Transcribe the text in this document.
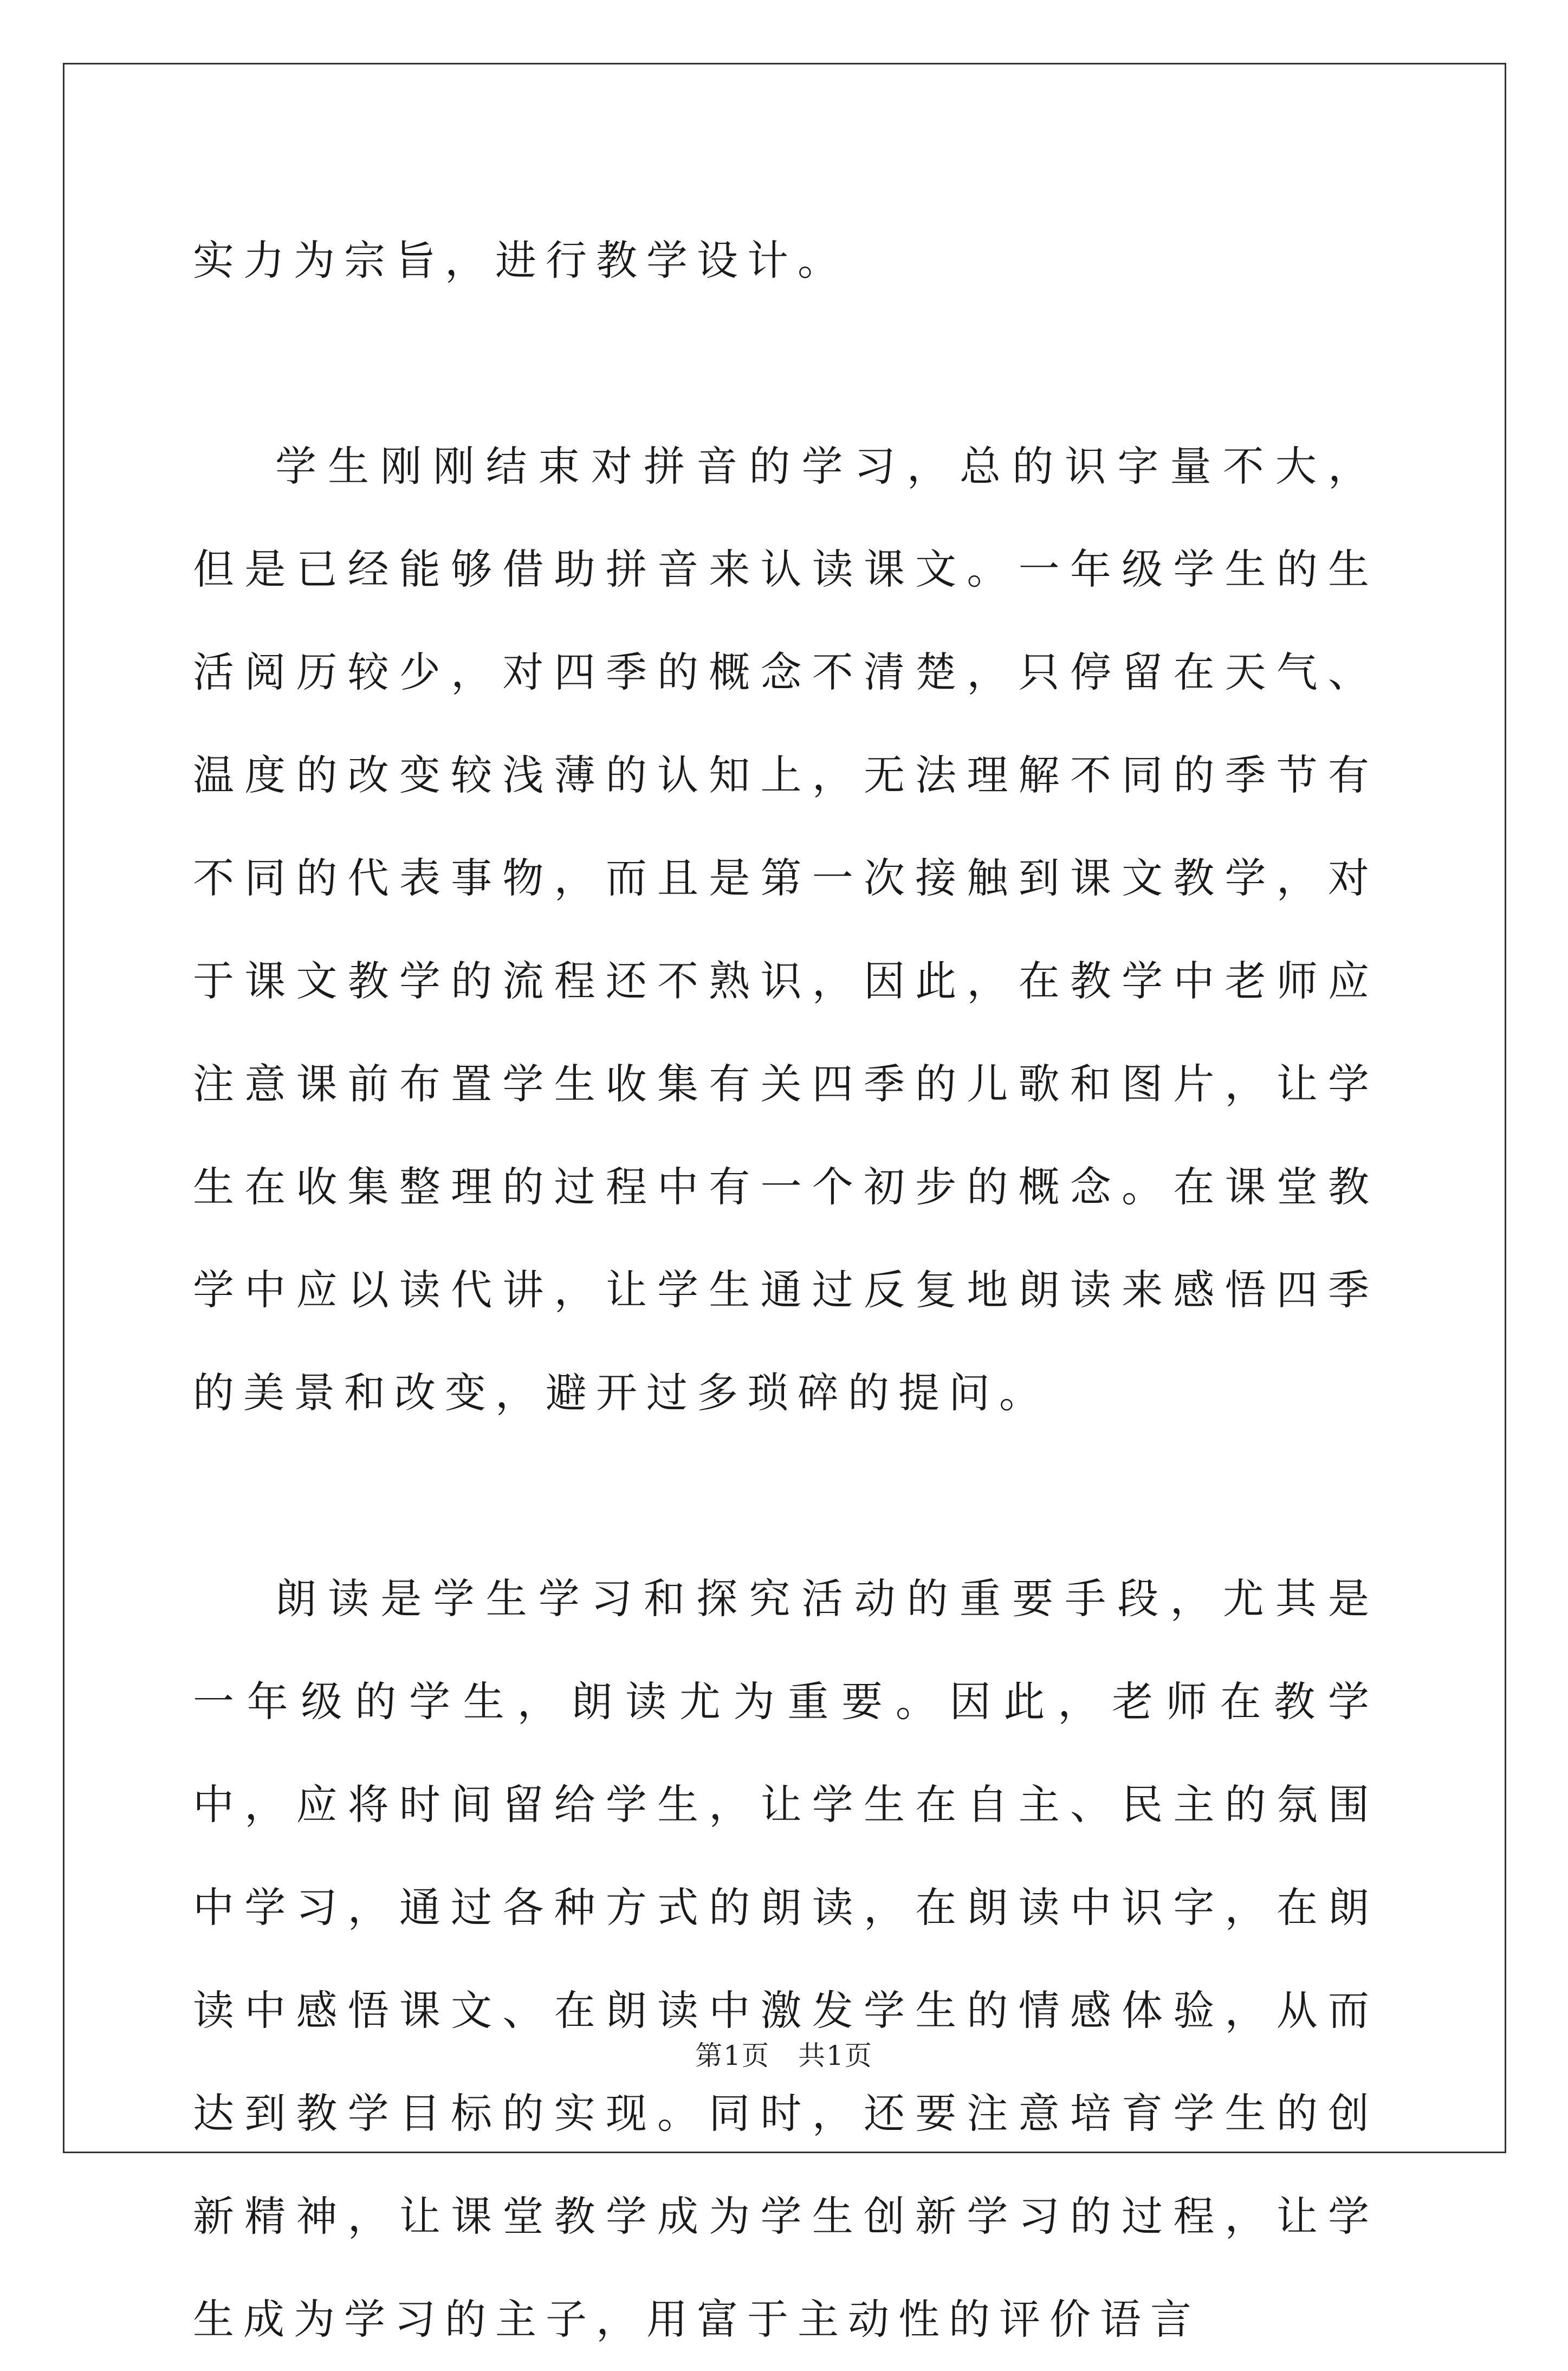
实力为宗旨，进行教学设计。

学生刚刚结束对拼音的学习，总的识字量不大，但是已经能够借助拼音来认读课文。一年级学生的生活阅历较少，对四季的概念不清楚，只停留在天气、温度的改变较浅薄的认知上，无法理解不同的季节有不同的代表事物，而且是第一次接触到课文教学，对于课文教学的流程还不熟识，因此，在教学中老师应注意课前布置学生收集有关四季的儿歌和图片，让学生在收集整理的过程中有一个初步的概念。在课堂教学中应以读代讲，让学生通过反复地朗读来感悟四季的美景和改变，避开过多琐碎的提问。

朗读是学生学习和探究活动的重要手段，尤其是一年级的学生，朗读尤为重要。因此，老师在教学中，应将时间留给学生，让学生在自主、民主的氛围中学习，通过各种方式的朗读，在朗读中识字，在朗读中感悟课文、在朗读中激发学生的情感体验，从而达到教学目标的实现。同时，还要注意培育学生的创新精神，让课堂教学成为学生创新学习的过程，让学生成为学习的主子，用富于主动性的评价语言

第1页　共1页
